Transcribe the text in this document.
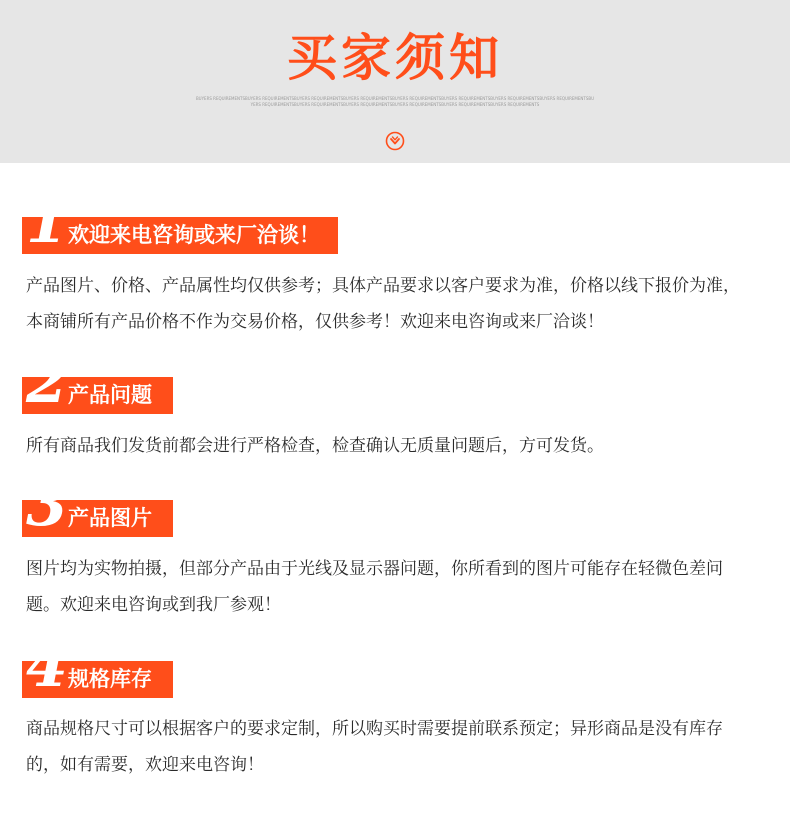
买家须知
BUYERS REQUIREMENTSBUYERS REQUIREMENTSBUYERS REQUIREMENTSBUYERS REQUIREMENTSBUYERS REQUIREMENTSBUYERS REQUIREMENTSBUYERS REQUIREMENTSBUYERS REQUIREMENTSBUYERS REQUIREMENTSBUYERS REQUIREMENTSBUYERS REQUIREMENTSBUYERS REQUIREMENTSBUYERS REQUIREMENTSBUYERS REQUIREMENTS
1 欢迎来电咨询或来厂洽谈！
产品图片、价格、产品属性均仅供参考；具体产品要求以客户要求为准，价格以线下报价为准，
本商铺所有产品价格不作为交易价格，仅供参考！欢迎来电咨询或来厂洽谈！
2 产品问题
所有商品我们发货前都会进行严格检查，检查确认无质量问题后，方可发货。
3 产品图片
图片均为实物拍摄，但部分产品由于光线及显示器问题，你所看到的图片可能存在轻微色差问
题。欢迎来电咨询或到我厂参观！
4 规格库存
商品规格尺寸可以根据客户的要求定制，所以购买时需要提前联系预定；异形商品是没有库存
的，如有需要，欢迎来电咨询！
